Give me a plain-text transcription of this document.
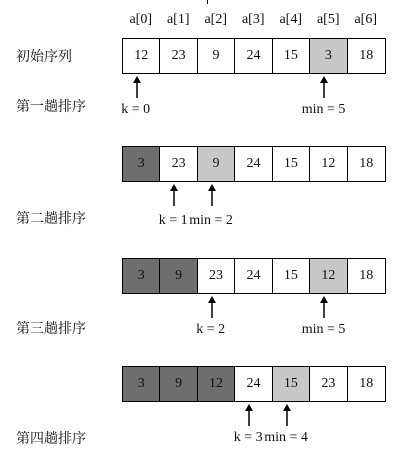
a[0]	a[1]	a[2]	a[3]	a[4]	a[5]	a[6]
初始序列	12	23	9	24	15	3	18
k = 0	min = 5
第一趟排序
3	23	9	24	15	12	18
k = 1 min = 2
第二趟排序
3	9	23	24	15	12	18
k = 2	min = 5
第三趟排序
3	9	12	24	15	23	18
k = 3 min = 4
第四趟排序
